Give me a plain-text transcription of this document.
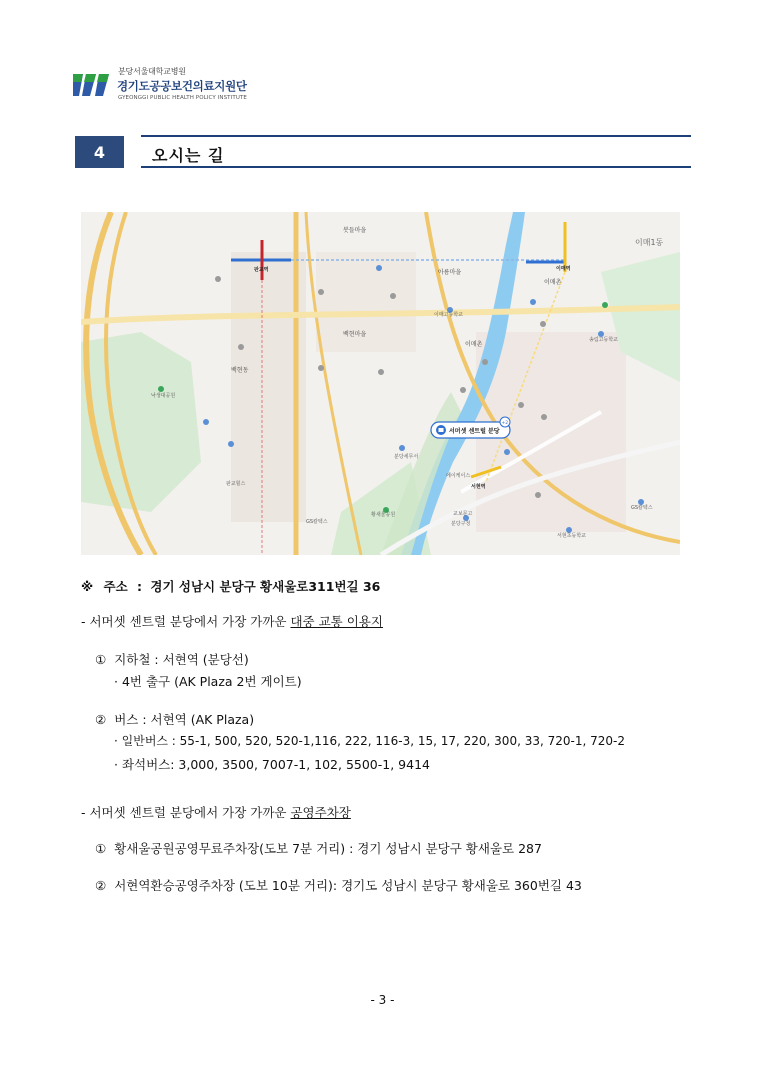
분당서울대학교병원
경기도공공보건의료지원단
GYEONGGI PUBLIC HEALTH POLICY INSTITUTE
4	오시는 길
이매1동
백현마을
백현동
봇들마을
아름마을
이매촌
이매촌
판교역	이매역
서현역
판교힐스
황새울공원
낙생대공원
에이케이스
GS칼텍스
GS칼텍스
서현초등학교
이매고등학교
송림고등학교
분당구청
분당세무서
교보문고
서머셋 센트럴 분당
+2
※ 주소 : 경기 성남시 분당구 황새울로311번길 36
- 서머셋 센트럴 분당에서 가장 가까운 대중 교통 이용지
① 지하철 : 서현역 (분당선)
· 4번 출구 (AK Plaza 2번 게이트)
② 버스 : 서현역 (AK Plaza)
· 일반버스 : 55-1, 500, 520, 520-1,116, 222, 116-3, 15, 17, 220, 300, 33, 720-1, 720-2
· 좌석버스: 3,000, 3500, 7007-1, 102, 5500-1, 9414
- 서머셋 센트럴 분당에서 가장 가까운 공영주차장
① 황새울공원공영무료주차장(도보 7분 거리) : 경기 성남시 분당구 황새울로 287
② 서현역환승공영주차장 (도보 10분 거리): 경기도 성남시 분당구 황새울로 360번길 43
- 3 -
